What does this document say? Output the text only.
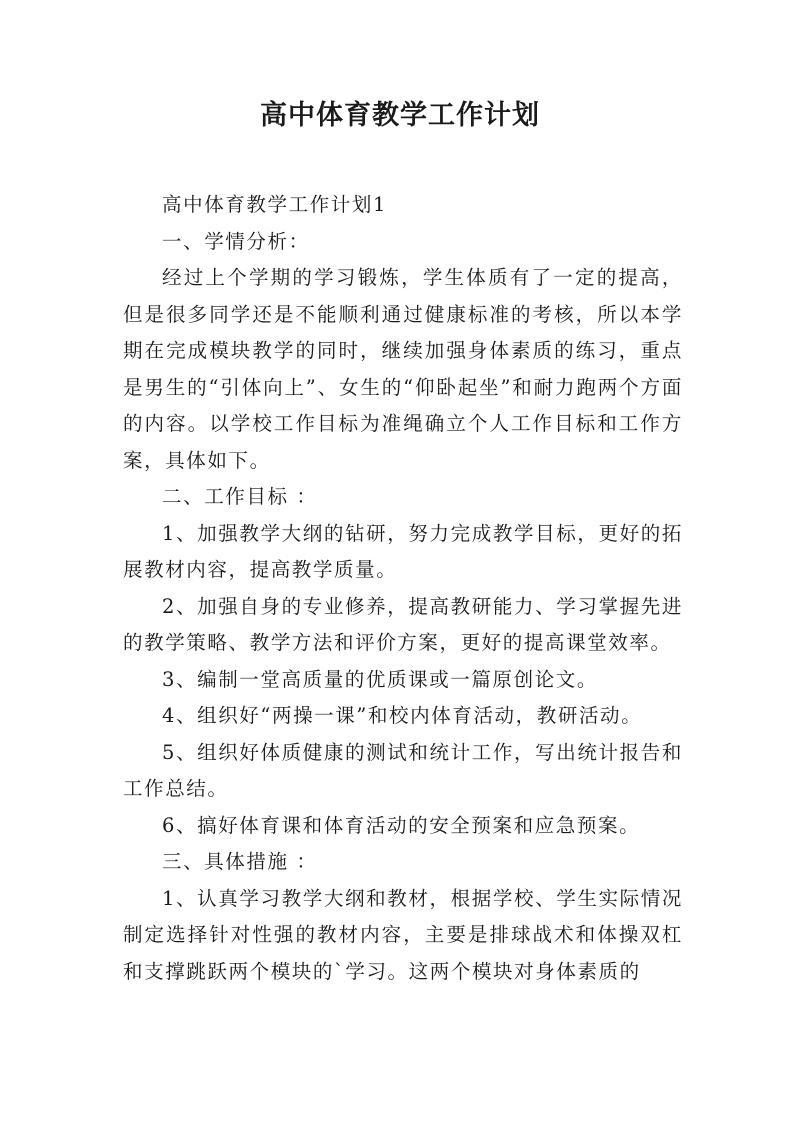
高中体育教学工作计划

高中体育教学工作计划1

一、学情分析：

经过上个学期的学习锻炼，学生体质有了一定的提高，但是很多同学还是不能顺利通过健康标准的考核，所以本学期在完成模块教学的同时，继续加强身体素质的练习，重点是男生的“引体向上”、女生的“仰卧起坐”和耐力跑两个方面的内容。以学校工作目标为准绳确立个人工作目标和工作方案，具体如下。

二、工作目标 ：

1、加强教学大纲的钻研，努力完成教学目标，更好的拓展教材内容，提高教学质量。

2、加强自身的专业修养，提高教研能力、学习掌握先进的教学策略、教学方法和评价方案，更好的提高课堂效率。

3、编制一堂高质量的优质课或一篇原创论文。

4、组织好“两操一课”和校内体育活动，教研活动。

5、组织好体质健康的测试和统计工作，写出统计报告和工作总结。

6、搞好体育课和体育活动的安全预案和应急预案。

三、具体措施 ：

1、认真学习教学大纲和教材，根据学校、学生实际情况制定选择针对性强的教材内容，主要是排球战术和体操双杠和支撑跳跃两个模块的`学习。这两个模块对身体素质的
